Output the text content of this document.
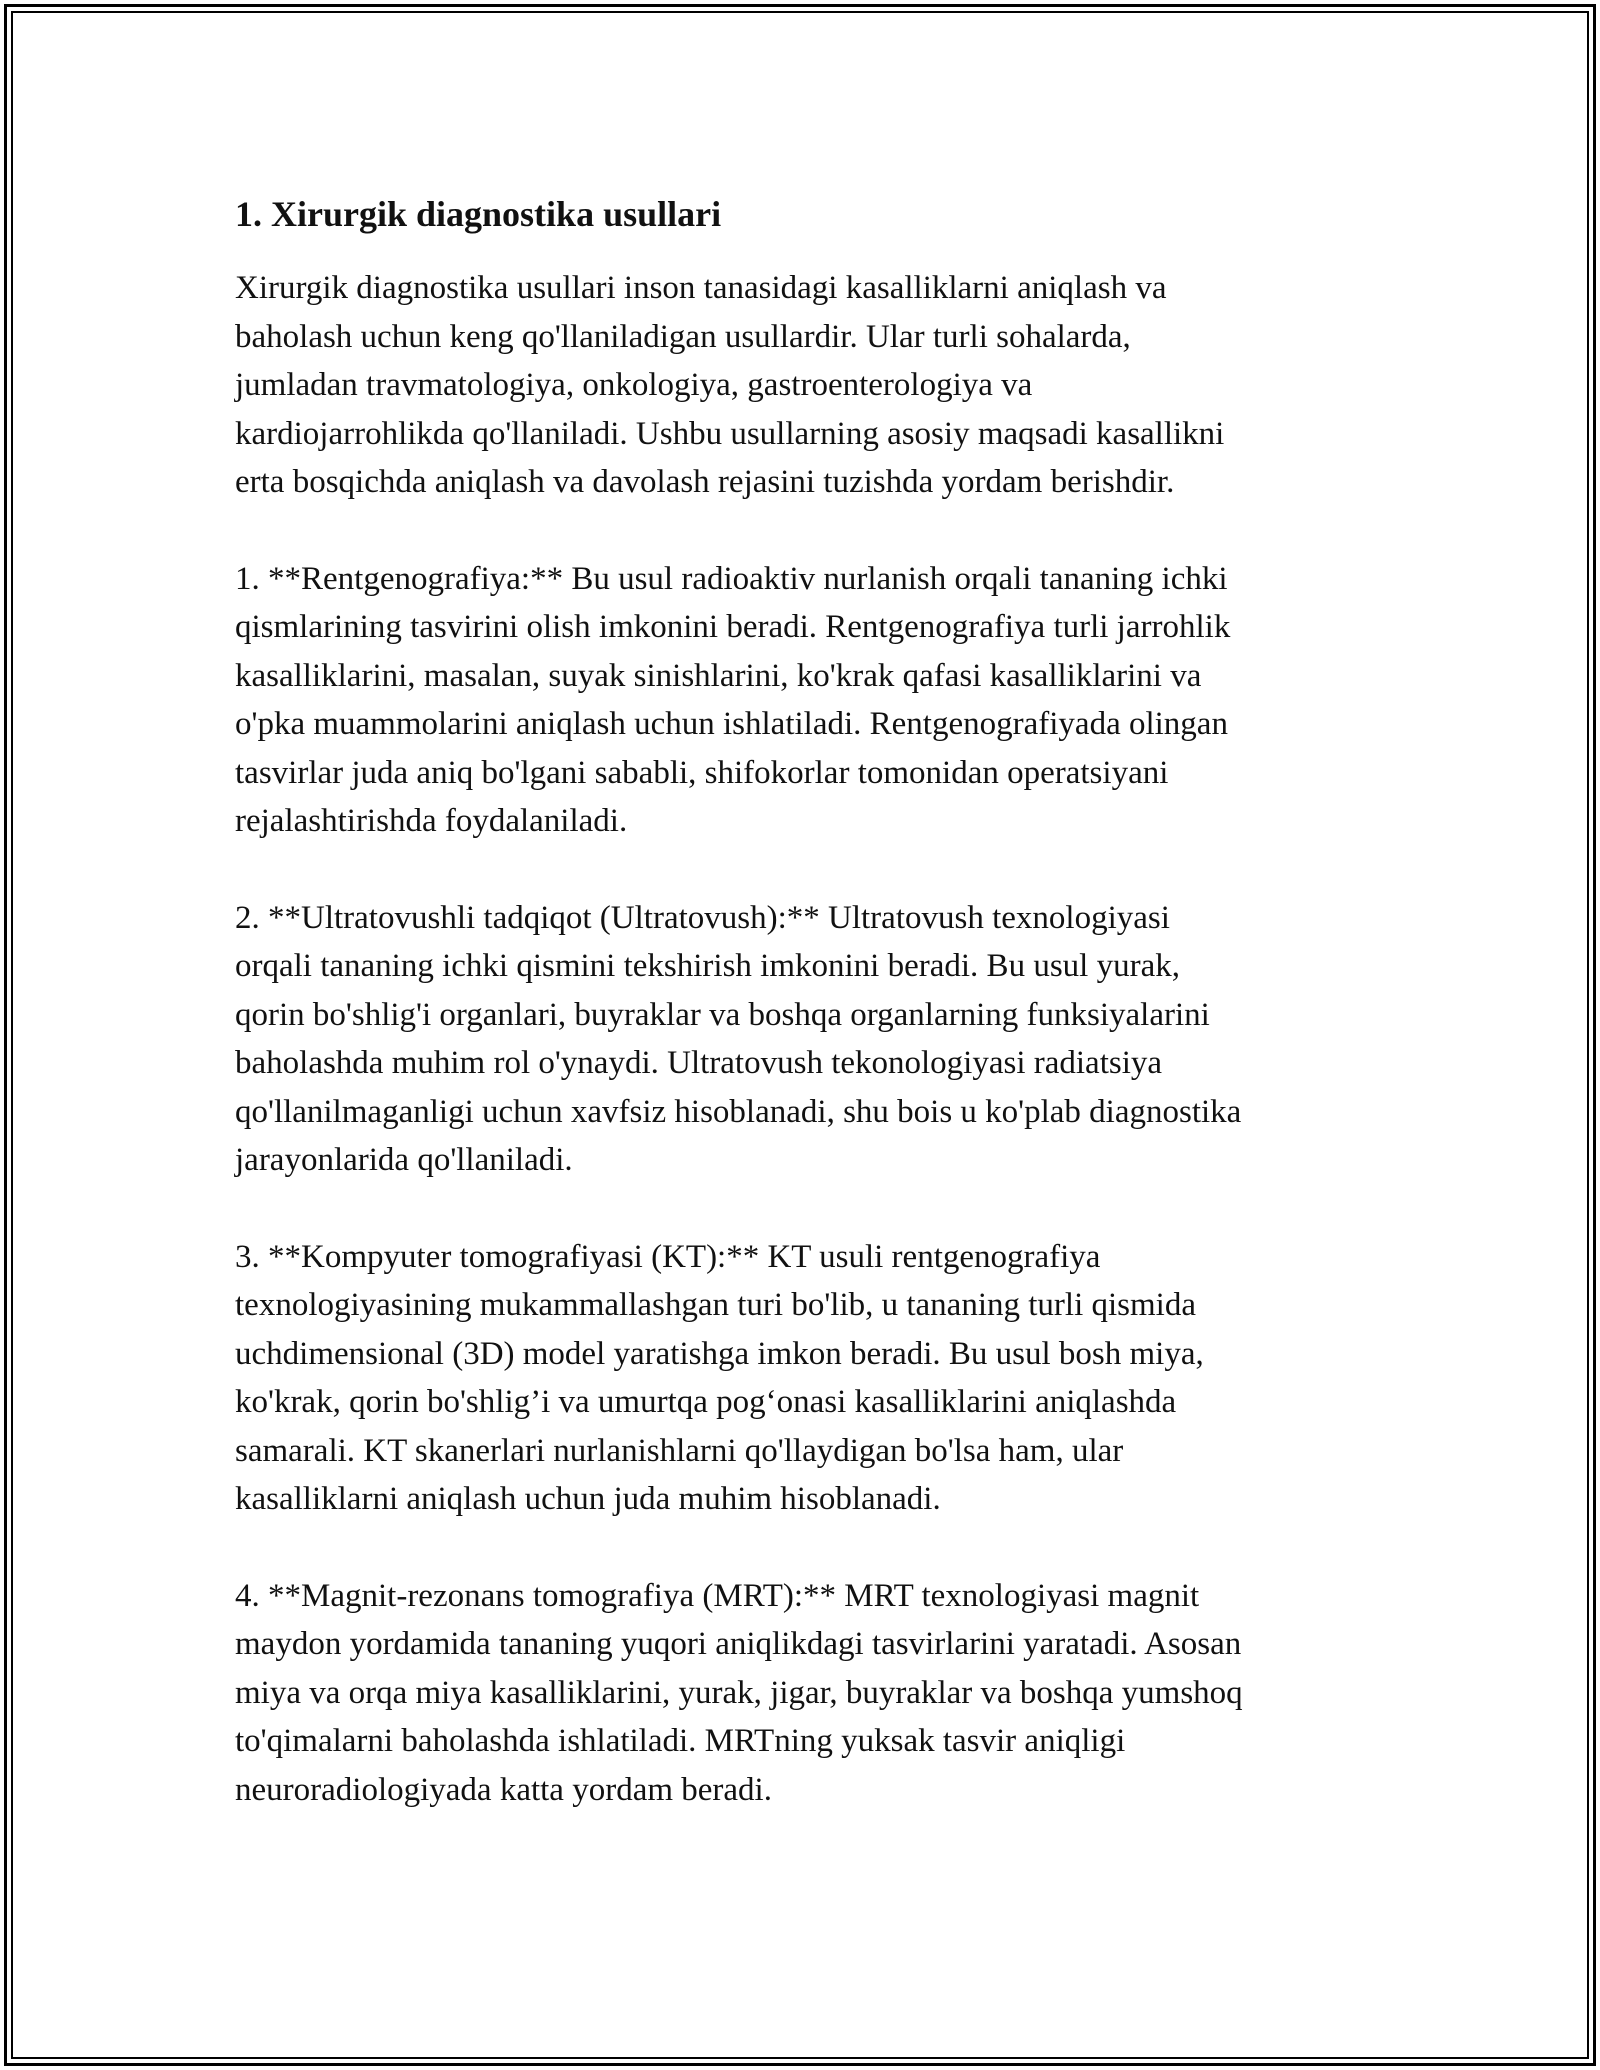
1. Xirurgik diagnostika usullari

Xirurgik diagnostika usullari inson tanasidagi kasalliklarni aniqlash va
baholash uchun keng qo'llaniladigan usullardir. Ular turli sohalarda,
jumladan travmatologiya, onkologiya, gastroenterologiya va
kardiojarrohlikda qo'llaniladi. Ushbu usullarning asosiy maqsadi kasallikni
erta bosqichda aniqlash va davolash rejasini tuzishda yordam berishdir.

1. **Rentgenografiya:** Bu usul radioaktiv nurlanish orqali tananing ichki
qismlarining tasvirini olish imkonini beradi. Rentgenografiya turli jarrohlik
kasalliklarini, masalan, suyak sinishlarini, ko'krak qafasi kasalliklarini va
o'pka muammolarini aniqlash uchun ishlatiladi. Rentgenografiyada olingan
tasvirlar juda aniq bo'lgani sababli, shifokorlar tomonidan operatsiyani
rejalashtirishda foydalaniladi.

2. **Ultratovushli tadqiqot (Ultratovush):** Ultratovush texnologiyasi
orqali tananing ichki qismini tekshirish imkonini beradi. Bu usul yurak,
qorin bo'shlig'i organlari, buyraklar va boshqa organlarning funksiyalarini
baholashda muhim rol o'ynaydi. Ultratovush tekonologiyasi radiatsiya
qo'llanilmaganligi uchun xavfsiz hisoblanadi, shu bois u ko'plab diagnostika
jarayonlarida qo'llaniladi.

3. **Kompyuter tomografiyasi (KT):** KT usuli rentgenografiya
texnologiyasining mukammallashgan turi bo'lib, u tananing turli qismida
uchdimensional (3D) model yaratishga imkon beradi. Bu usul bosh miya,
ko'krak, qorin bo'shlig’i va umurtqa pog‘onasi kasalliklarini aniqlashda
samarali. KT skanerlari nurlanishlarni qo'llaydigan bo'lsa ham, ular
kasalliklarni aniqlash uchun juda muhim hisoblanadi.

4. **Magnit-rezonans tomografiya (MRT):** MRT texnologiyasi magnit
maydon yordamida tananing yuqori aniqlikdagi tasvirlarini yaratadi. Asosan
miya va orqa miya kasalliklarini, yurak, jigar, buyraklar va boshqa yumshoq
to'qimalarni baholashda ishlatiladi. MRTning yuksak tasvir aniqligi
neuroradiologiyada katta yordam beradi.
